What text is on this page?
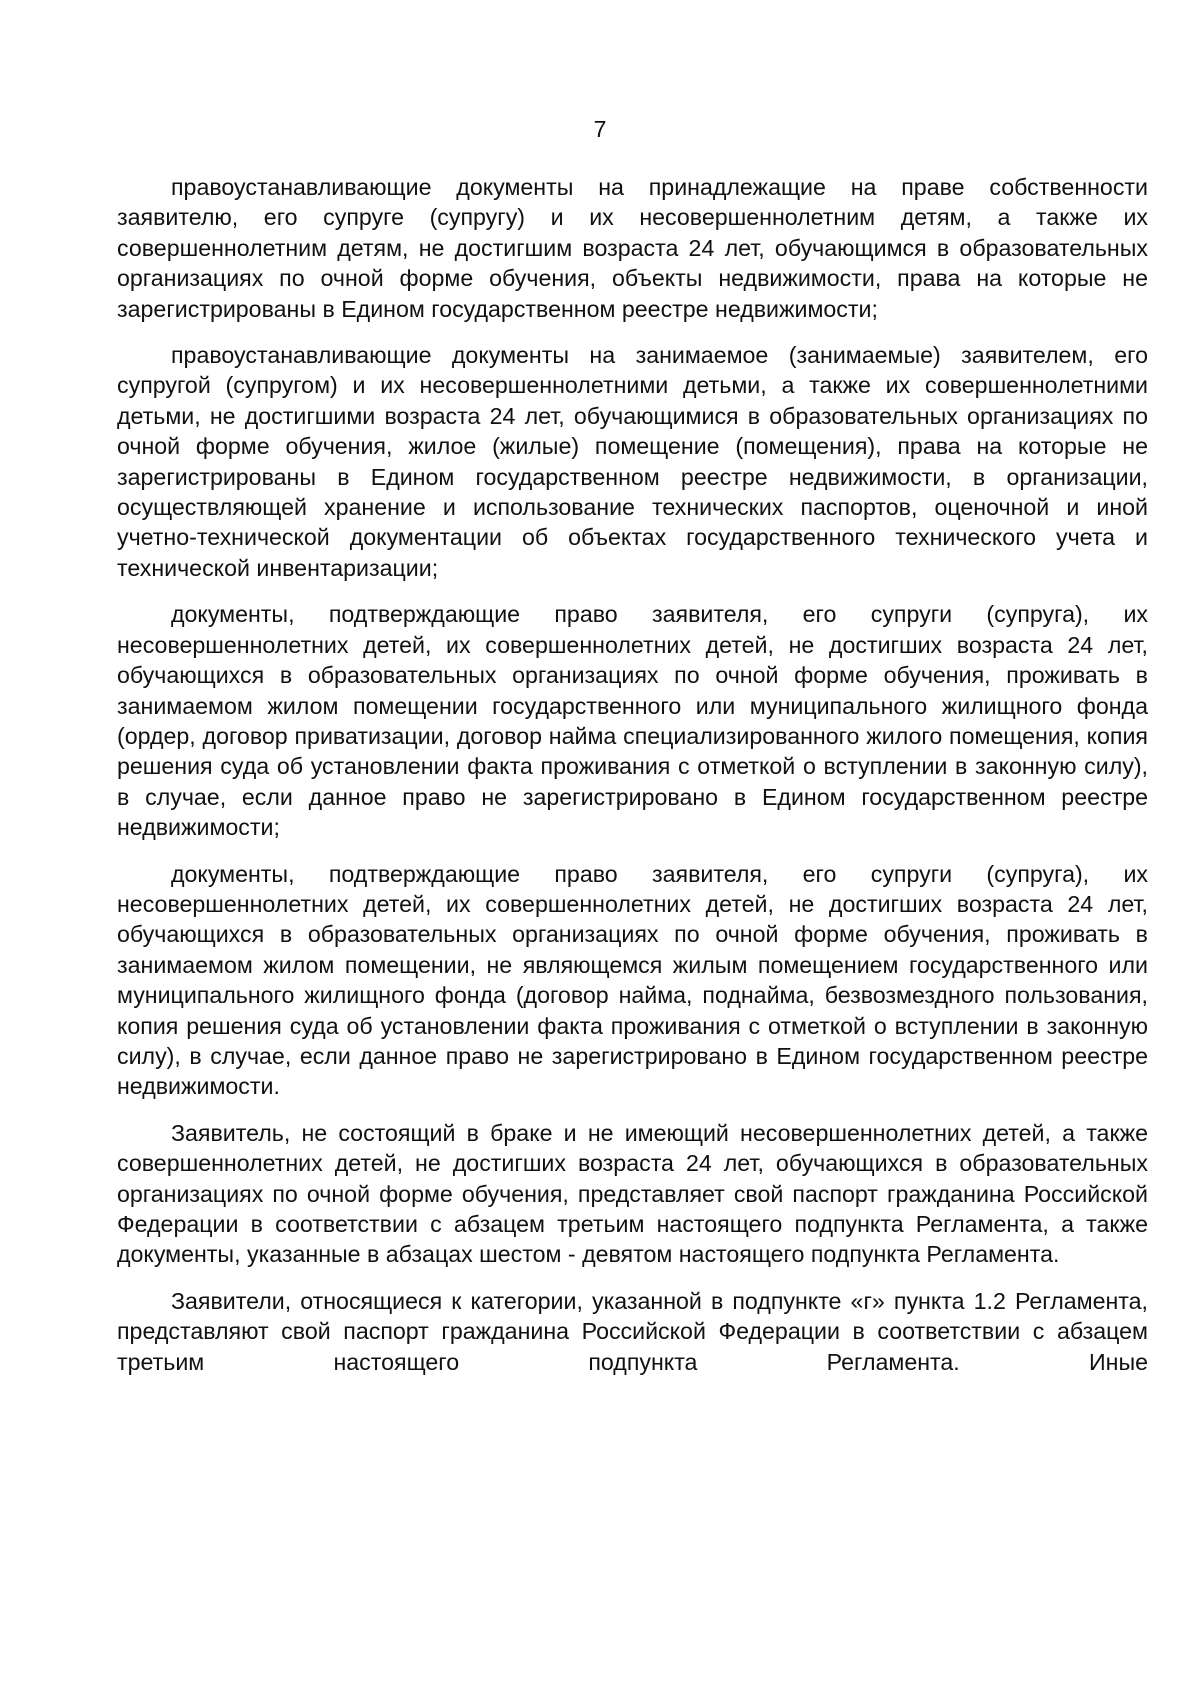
7

правоустанавливающие документы на принадлежащие на праве собственности заявителю, его супруге (супругу) и их несовершеннолетним детям, а также их совершеннолетним детям, не достигшим возраста 24 лет, обучающимся в образовательных организациях по очной форме обучения, объекты недвижимости, права на которые не зарегистрированы в Едином государственном реестре недвижимости;

правоустанавливающие документы на занимаемое (занимаемые) заявителем, его супругой (супругом) и их несовершеннолетними детьми, а также их совершеннолетними детьми, не достигшими возраста 24 лет, обучающимися в образовательных организациях по очной форме обучения, жилое (жилые) помещение (помещения), права на которые не зарегистрированы в Едином государственном реестре недвижимости, в организации, осуществляющей хранение и использование технических паспортов, оценочной и иной учетно-технической документации об объектах государственного технического учета и технической инвентаризации;

документы, подтверждающие право заявителя, его супруги (супруга), их несовершеннолетних детей, их совершеннолетних детей, не достигших возраста 24 лет, обучающихся в образовательных организациях по очной форме обучения, проживать в занимаемом жилом помещении государственного или муниципального жилищного фонда (ордер, договор приватизации, договор найма специализированного жилого помещения, копия решения суда об установлении факта проживания с отметкой о вступлении в законную силу), в случае, если данное право не зарегистрировано в Едином государственном реестре недвижимости;

документы, подтверждающие право заявителя, его супруги (супруга), их несовершеннолетних детей, их совершеннолетних детей, не достигших возраста 24 лет, обучающихся в образовательных организациях по очной форме обучения, проживать в занимаемом жилом помещении, не являющемся жилым помещением государственного или муниципального жилищного фонда (договор найма, поднайма, безвозмездного пользования, копия решения суда об установлении факта проживания с отметкой о вступлении в законную силу), в случае, если данное право не зарегистрировано в Едином государственном реестре недвижимости.

Заявитель, не состоящий в браке и не имеющий несовершеннолетних детей, а также совершеннолетних детей, не достигших возраста 24 лет, обучающихся в образовательных организациях по очной форме обучения, представляет свой паспорт гражданина Российской Федерации в соответствии с абзацем третьим настоящего подпункта Регламента, а также документы, указанные в абзацах шестом - девятом настоящего подпункта Регламента.

Заявители, относящиеся к категории, указанной в подпункте «г» пункта 1.2 Регламента, представляют свой паспорт гражданина Российской Федерации в соответствии с абзацем третьим настоящего подпункта Регламента. Иные
